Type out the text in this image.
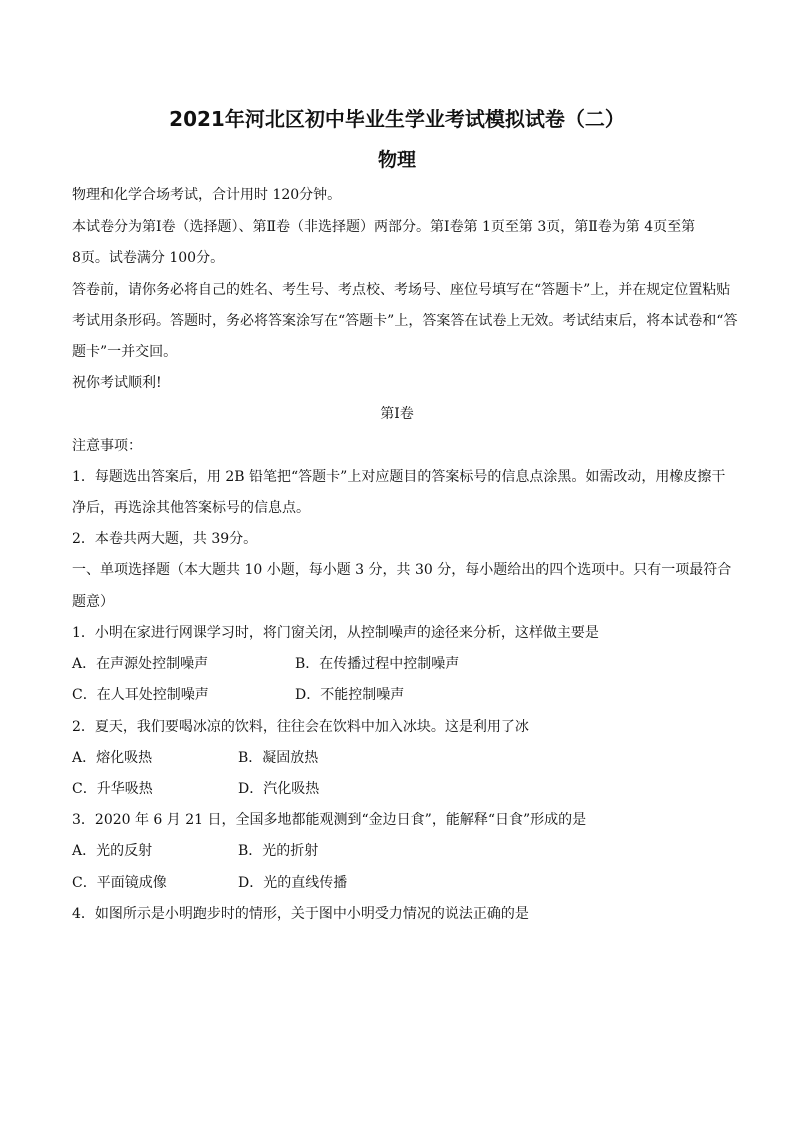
2021年河北区初中毕业生学业考试模拟试卷（二）
物理
物理和化学合场考试，合计用时 120分钟。
本试卷分为第Ⅰ卷（选择题）、第Ⅱ卷（非选择题）两部分。第Ⅰ卷第 1页至第 3页，第Ⅱ卷为第 4页至第
8页。试卷满分 100分。
答卷前，请你务必将自己的姓名、考生号、考点校、考场号、座位号填写在“答题卡”上，并在规定位置粘贴
考试用条形码。答题时，务必将答案涂写在“答题卡”上，答案答在试卷上无效。考试结束后，将本试卷和“答
题卡”一并交回。
祝你考试顺利!
第Ⅰ卷
注意事项：
1．每题选出答案后，用 2B 铅笔把“答题卡”上对应题目的答案标号的信息点涂黑。如需改动，用橡皮擦干
净后，再选涂其他答案标号的信息点。
2．本卷共两大题，共 39分。
一、单项选择题（本大题共 10 小题，每小题 3 分，共 30 分，每小题给出的四个选项中。只有一项最符合
题意）
1．小明在家进行网课学习时，将门窗关闭，从控制噪声的途径来分析，这样做主要是
A．在声源处控制噪声	B．在传播过程中控制噪声
C．在人耳处控制噪声	D．不能控制噪声
2．夏天，我们要喝冰凉的饮料，往往会在饮料中加入冰块。这是利用了冰
A．熔化吸热	B．凝固放热
C．升华吸热	D．汽化吸热
3．2020 年 6 月 21 日，全国多地都能观测到“金边日食”，能解释“日食”形成的是
A．光的反射	B．光的折射
C．平面镜成像	D．光的直线传播
4．如图所示是小明跑步时的情形，关于图中小明受力情况的说法正确的是
